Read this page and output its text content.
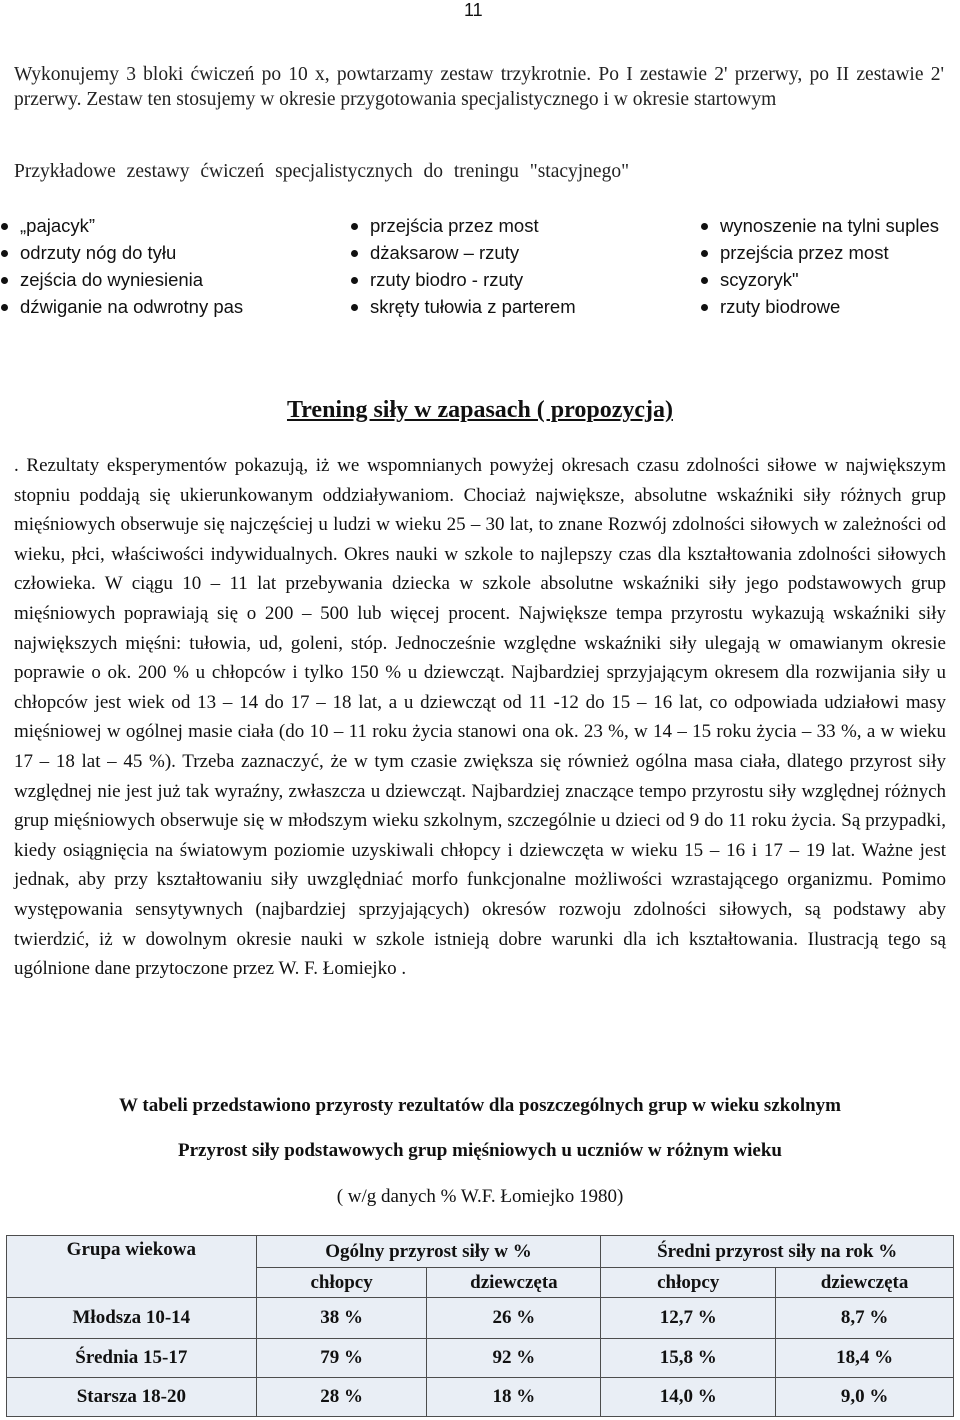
11
Wykonujemy 3 bloki ćwiczeń po 10 x, powtarzamy zestaw trzykrotnie. Po I zestawie 2' przerwy, po II zestawie 2' przerwy. Zestaw ten stosujemy w okresie przygotowania specjalistycznego i w okresie startowym
Przykładowe zestawy ćwiczeń specjalistycznych do treningu "stacyjnego"
„pajacyk”
odrzuty nóg do tyłu
zejścia do wyniesienia
dźwiganie na odwrotny pas
przejścia przez most
dżaksarow – rzuty
rzuty biodro - rzuty
skręty tułowia z parterem
wynoszenie na tylni suples
przejścia przez most
scyzoryk"
rzuty biodrowe
Trening siły w zapasach ( propozycja)
. Rezultaty eksperymentów pokazują, iż we wspomnianych powyżej okresach czasu zdolności siłowe w największym stopniu poddają się ukierunkowanym oddziaływaniom. Chociaż największe, absolutne wskaźniki siły różnych grup mięśniowych obserwuje się najczęściej u ludzi w wieku 25 – 30 lat, to znane Rozwój zdolności siłowych w zależności od wieku, płci, właściwości indywidualnych. Okres nauki w szkole to najlepszy czas dla kształtowania zdolności siłowych człowieka. W ciągu 10 – 11 lat przebywania dziecka w szkole absolutne wskaźniki siły jego podstawowych grup mięśniowych poprawiają się o 200 – 500 lub więcej procent. Największe tempa przyrostu wykazują wskaźniki siły największych mięśni: tułowia, ud, goleni, stóp. Jednocześnie względne wskaźniki siły ulegają w omawianym okresie poprawie o ok. 200 % u chłopców i tylko 150 % u dziewcząt. Najbardziej sprzyjającym okresem dla rozwijania siły u chłopców jest wiek od 13 – 14 do 17 – 18 lat, a u dziewcząt od 11 -12 do 15 – 16 lat, co odpowiada udziałowi masy mięśniowej w ogólnej masie ciała (do 10 – 11 roku życia stanowi ona ok. 23 %, w 14 – 15 roku życia – 33 %, a w wieku 17 – 18 lat – 45 %). Trzeba zaznaczyć, że w tym czasie zwiększa się również ogólna masa ciała, dlatego przyrost siły względnej nie jest już tak wyraźny, zwłaszcza u dziewcząt. Najbardziej znaczące tempo przyrostu siły względnej różnych grup mięśniowych obserwuje się w młodszym wieku szkolnym, szczególnie u dzieci od 9 do 11 roku życia. Są przypadki, kiedy osiągnięcia na światowym poziomie uzyskiwali chłopcy i dziewczęta w wieku 15 – 16 i 17 – 19 lat. Ważne jest jednak, aby przy kształtowaniu siły uwzględniać morfo funkcjonalne możliwości wzrastającego organizmu. Pomimo występowania sensytywnych (najbardziej sprzyjających) okresów rozwoju zdolności siłowych, są podstawy aby twierdzić, iż w dowolnym okresie nauki w szkole istnieją dobre warunki dla ich kształtowania. Ilustracją tego są ugólnione dane przytoczone przez W. F. Łomiejko .
W tabeli przedstawiono przyrosty rezultatów dla poszczególnych grup w wieku szkolnym
Przyrost siły podstawowych grup mięśniowych u uczniów w różnym wieku
( w/g danych % W.F. Łomiejko 1980)
Grupa wiekowa	Ogólny przyrost siły w %		Średni przyrost siły na rok %	
	chłopcy	dziewczęta	chłopcy	dziewczęta
Młodsza 10-14	38 %	26 %	12,7 %	8,7 %
Średnia 15-17	79 %	92 %	15,8 %	18,4 %
Starsza 18-20	28 %	18 %	14,0 %	9,0 %
